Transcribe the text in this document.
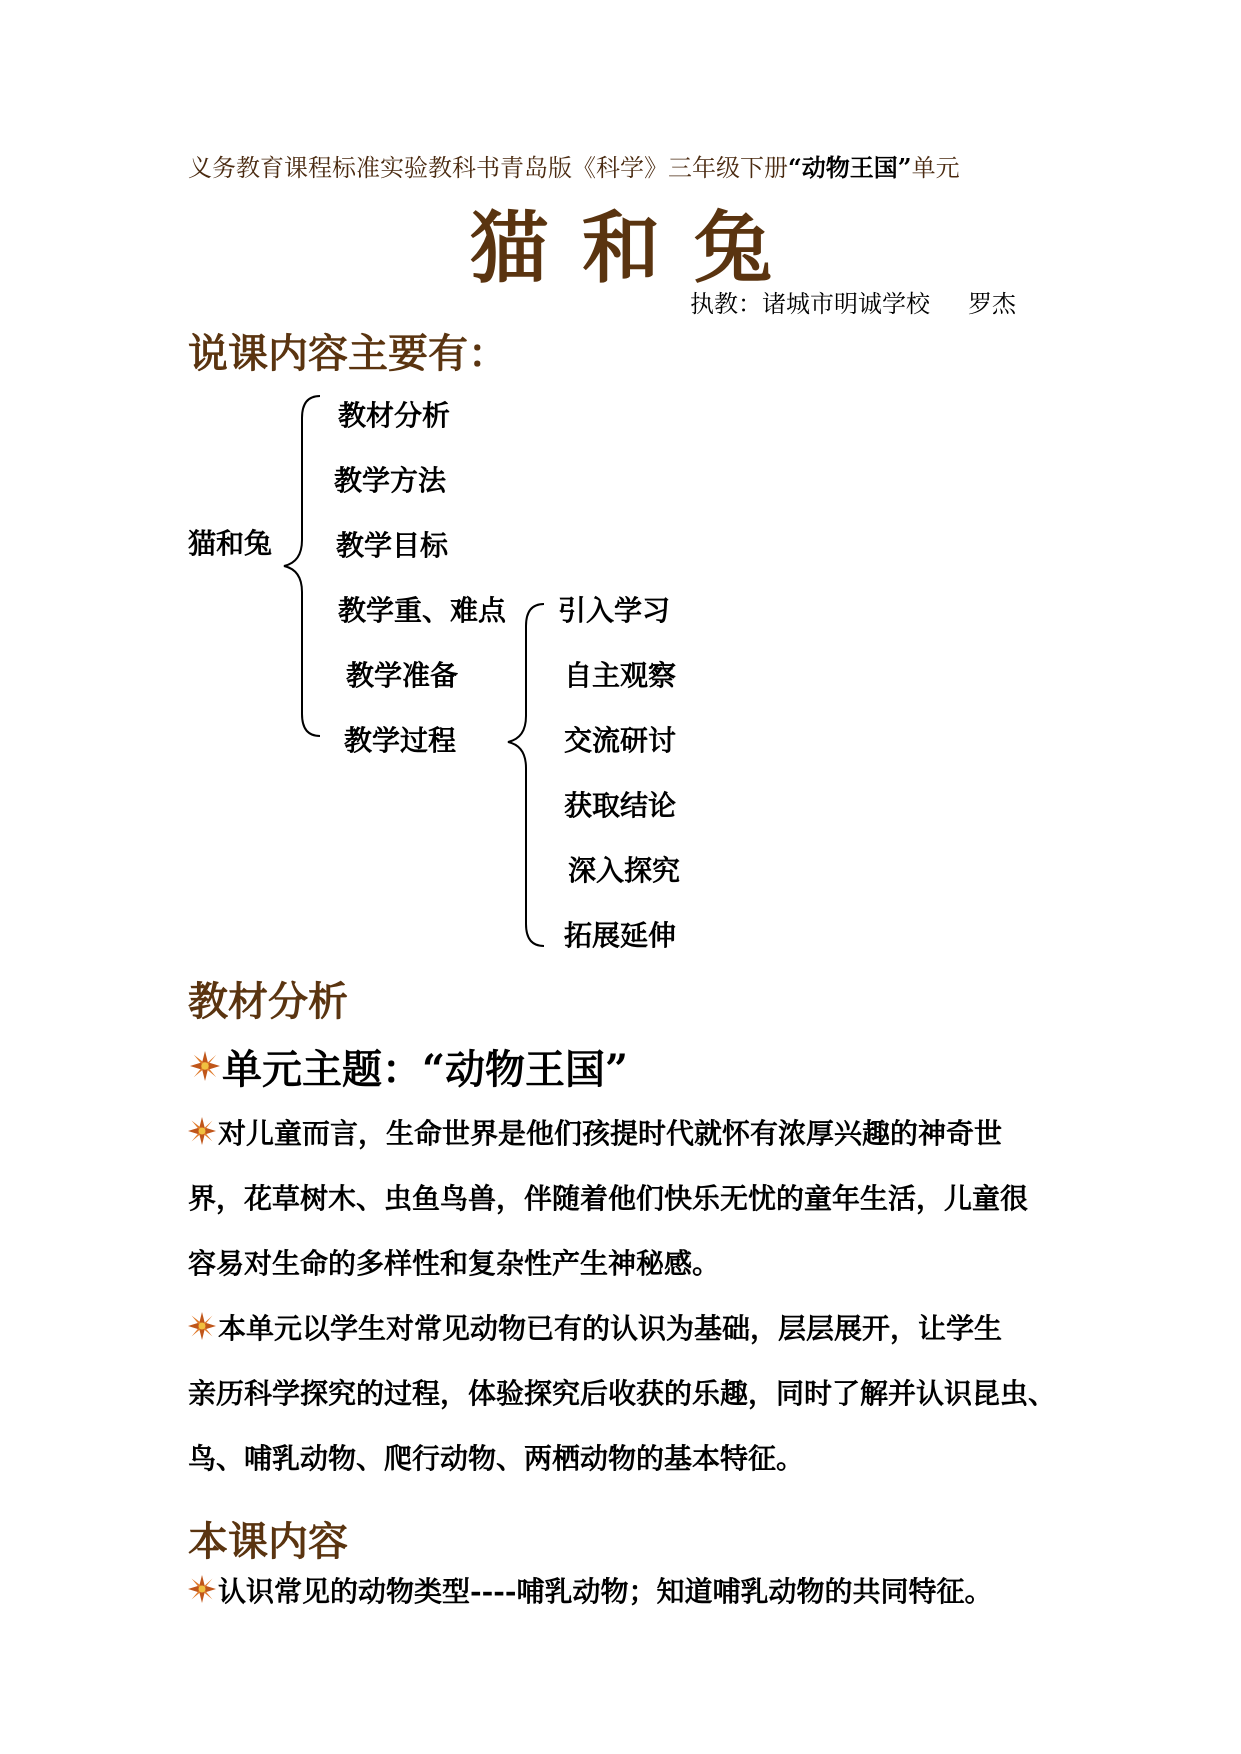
义务教育课程标准实验教科书青岛版《科学》三年级下册“动物王国”单元
猫和兔
执教：诸城市明诚学校 罗杰
说课内容主要有：
猫和兔
教材分析
教学方法
教学目标
教学重、难点
教学准备
教学过程
引入学习
自主观察
交流研讨
获取结论
深入探究
拓展延伸
教材分析
单元主题：“动物王国”
对儿童而言，生命世界是他们孩提时代就怀有浓厚兴趣的神奇世
界，花草树木、虫鱼鸟兽，伴随着他们快乐无忧的童年生活，儿童很
容易对生命的多样性和复杂性产生神秘感。
本单元以学生对常见动物已有的认识为基础，层层展开，让学生
亲历科学探究的过程，体验探究后收获的乐趣，同时了解并认识昆虫、
鸟、哺乳动物、爬行动物、两栖动物的基本特征。
本课内容
认识常见的动物类型----哺乳动物；知道哺乳动物的共同特征。
